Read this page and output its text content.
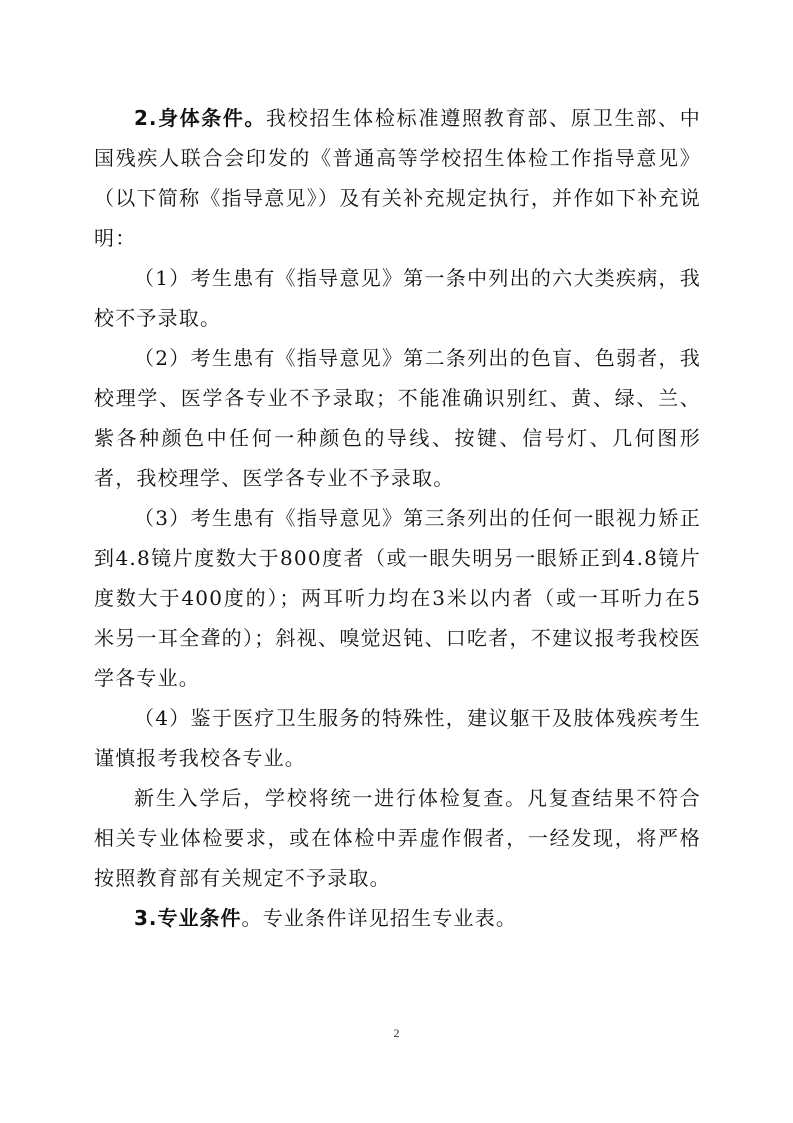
2.身体条件。我校招生体检标准遵照教育部、原卫生部、中国残疾人联合会印发的《普通高等学校招生体检工作指导意见》（以下简称《指导意见》）及有关补充规定执行，并作如下补充说明：

（1）考生患有《指导意见》第一条中列出的六大类疾病，我校不予录取。

（2）考生患有《指导意见》第二条列出的色盲、色弱者，我校理学、医学各专业不予录取；不能准确识别红、黄、绿、兰、紫各种颜色中任何一种颜色的导线、按键、信号灯、几何图形者，我校理学、医学各专业不予录取。

（3）考生患有《指导意见》第三条列出的任何一眼视力矫正到4.8镜片度数大于800度者（或一眼失明另一眼矫正到4.8镜片度数大于400度的）；两耳听力均在3米以内者（或一耳听力在5米另一耳全聋的）；斜视、嗅觉迟钝、口吃者，不建议报考我校医学各专业。

（4）鉴于医疗卫生服务的特殊性，建议躯干及肢体残疾考生谨慎报考我校各专业。

新生入学后，学校将统一进行体检复查。凡复查结果不符合相关专业体检要求，或在体检中弄虚作假者，一经发现，将严格按照教育部有关规定不予录取。

3.专业条件。专业条件详见招生专业表。

2
